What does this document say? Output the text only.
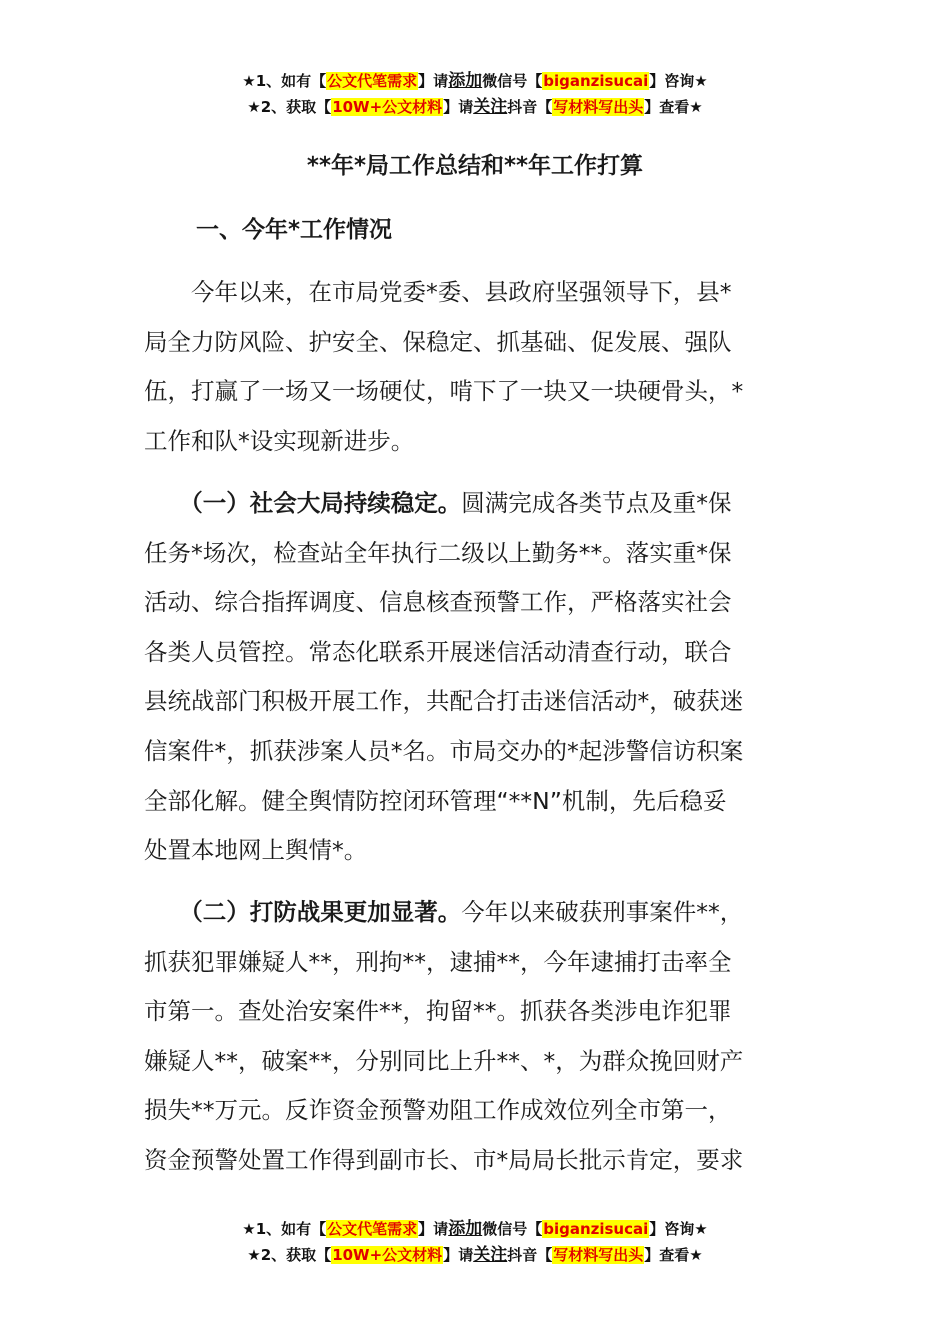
★1、如有【公文代笔需求】请添加微信号【biganzisucai】咨询★
★2、获取【10W+公文材料】请关注抖音【写材料写出头】查看★
**年*局工作总结和**年工作打算
一、今年*工作情况
　　今年以来，在市局党委*委、县政府坚强领导下，县*
局全力防风险、护安全、保稳定、抓基础、促发展、强队
伍，打赢了一场又一场硬仗，啃下了一块又一块硬骨头，*
工作和队*设实现新进步。
　　（一）社会大局持续稳定。圆满完成各类节点及重*保
任务*场次，检查站全年执行二级以上勤务**。落实重*保
活动、综合指挥调度、信息核查预警工作，严格落实社会
各类人员管控。常态化联系开展迷信活动清查行动，联合
县统战部门积极开展工作，共配合打击迷信活动*，破获迷
信案件*，抓获涉案人员*名。市局交办的*起涉警信访积案
全部化解。健全舆情防控闭环管理“**N”机制，先后稳妥
处置本地网上舆情*。
　　（二）打防战果更加显著。今年以来破获刑事案件**，
抓获犯罪嫌疑人**，刑拘**，逮捕**，今年逮捕打击率全
市第一。查处治安案件**，拘留**。抓获各类涉电诈犯罪
嫌疑人**，破案**，分别同比上升**、*，为群众挽回财产
损失**万元。反诈资金预警劝阻工作成效位列全市第一，
资金预警处置工作得到副市长、市*局局长批示肯定，要求
★1、如有【公文代笔需求】请添加微信号【biganzisucai】咨询★
★2、获取【10W+公文材料】请关注抖音【写材料写出头】查看★
